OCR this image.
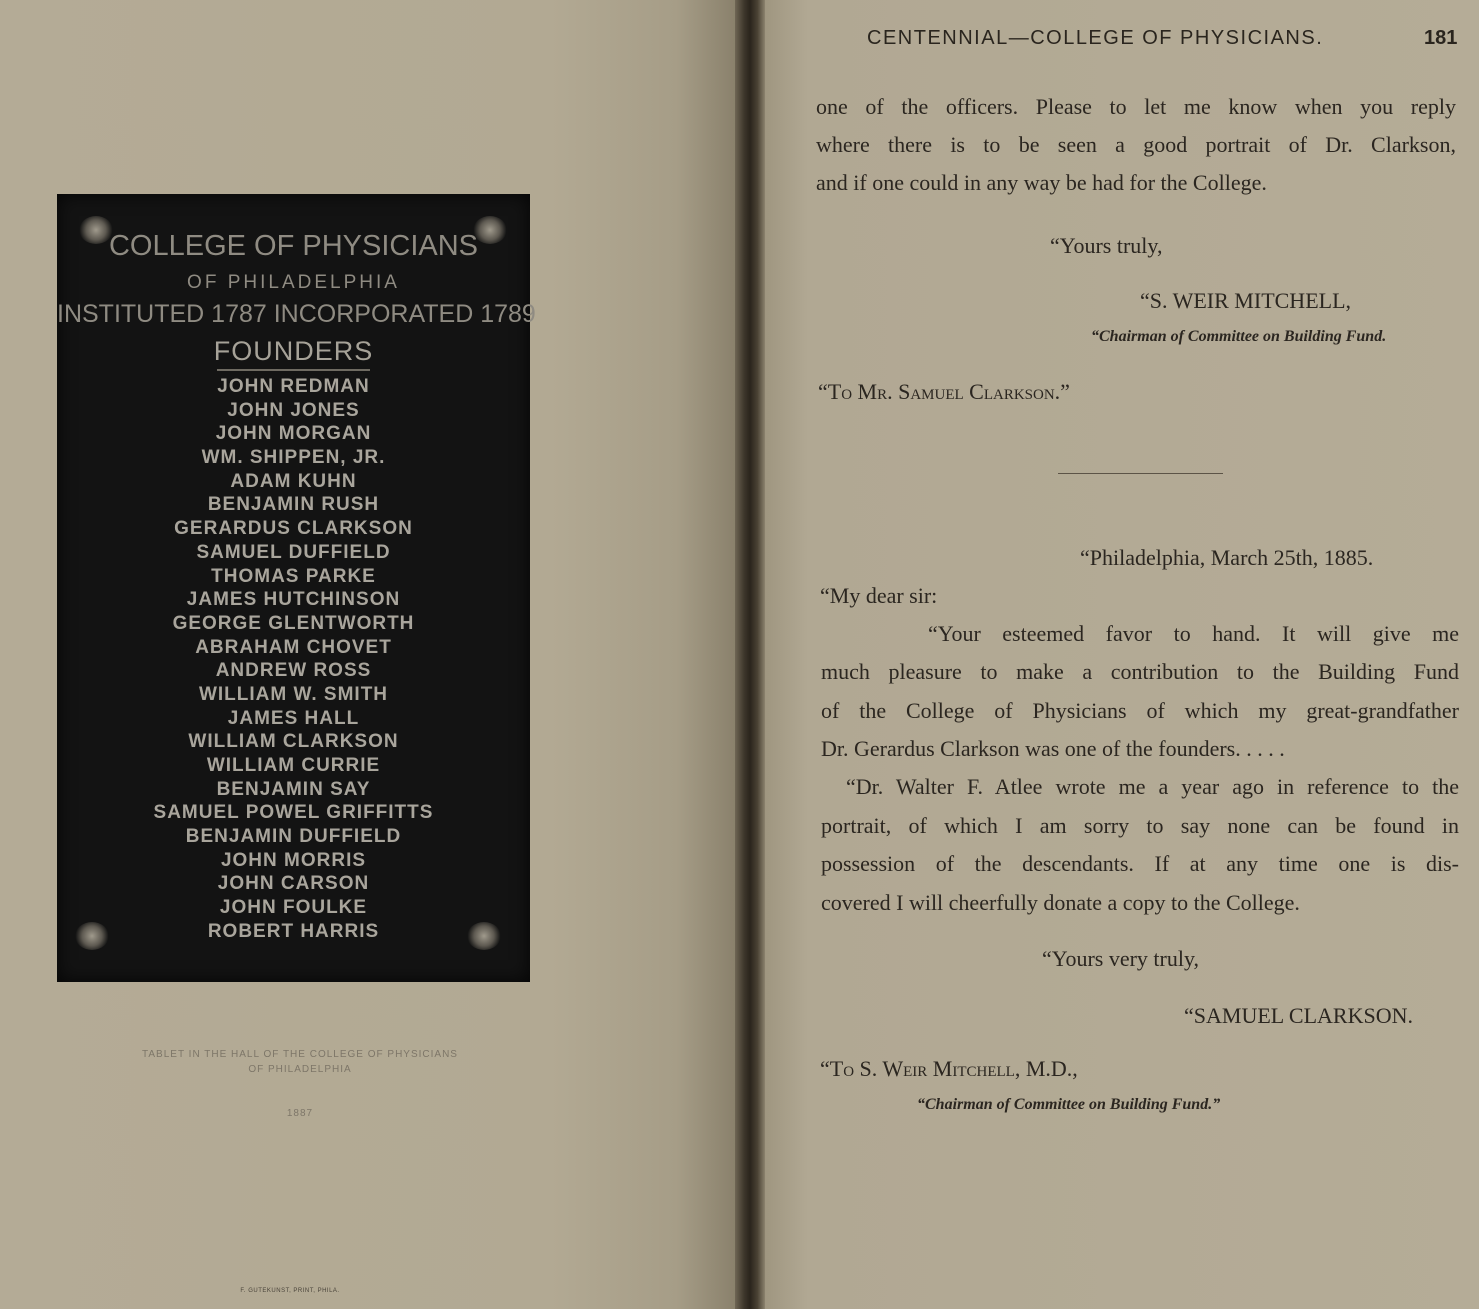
COLLEGE OF PHYSICIANS
OF PHILADELPHIA
INSTITUTED 1787 INCORPORATED 1789
FOUNDERS
JOHN REDMAN
JOHN JONES
JOHN MORGAN
WM. SHIPPEN, JR.
ADAM KUHN
BENJAMIN RUSH
GERARDUS CLARKSON
SAMUEL DUFFIELD
THOMAS PARKE
JAMES HUTCHINSON
GEORGE GLENTWORTH
ABRAHAM CHOVET
ANDREW ROSS
WILLIAM W. SMITH
JAMES HALL
WILLIAM CLARKSON
WILLIAM CURRIE
BENJAMIN SAY
SAMUEL POWEL GRIFFITTS
BENJAMIN DUFFIELD
JOHN MORRIS
JOHN CARSON
JOHN FOULKE
ROBERT HARRIS
TABLET IN THE HALL OF THE COLLEGE OF PHYSICIANS
OF PHILADELPHIA
1887
F. GUTEKUNST, PRINT, PHILA.
CENTENNIAL—COLLEGE OF PHYSICIANS.	181
one of the officers. Please to let me know when you reply
where there is to be seen a good portrait of Dr. Clarkson,
and if one could in any way be had for the College.
“Yours truly,
“S. WEIR MITCHELL,
“Chairman of Committee on Building Fund.
“To Mr. Samuel Clarkson.”
“Philadelphia, March 25th, 1885.
“My dear sir:
“Your esteemed favor to hand. It will give me
much pleasure to make a contribution to the Building Fund
of the College of Physicians of which my great-grandfather
Dr. Gerardus Clarkson was one of the founders. . . . .
“Dr. Walter F. Atlee wrote me a year ago in reference to the
portrait, of which I am sorry to say none can be found in
possession of the descendants. If at any time one is dis-
covered I will cheerfully donate a copy to the College.
“Yours very truly,
“SAMUEL CLARKSON.
“To S. Weir Mitchell, M.D.,
“Chairman of Committee on Building Fund.”
